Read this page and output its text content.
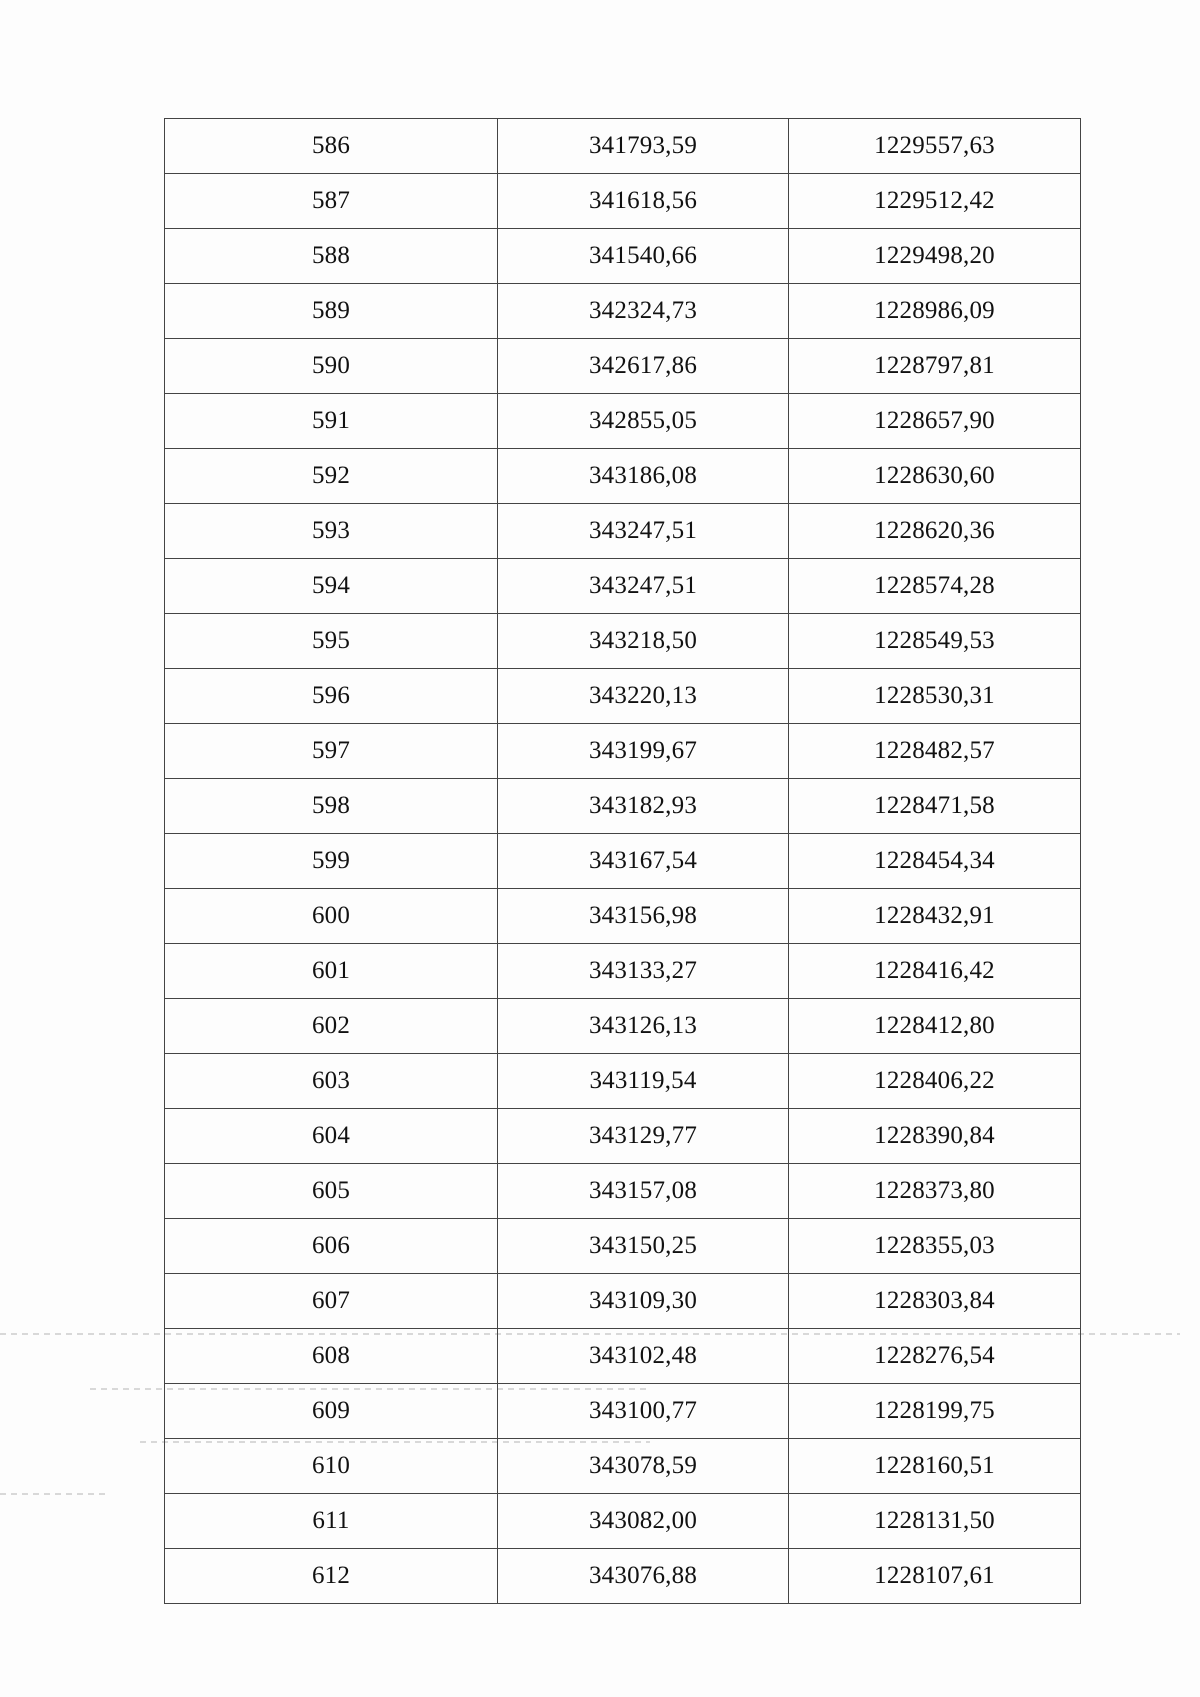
586	341793,59	1229557,63
587	341618,56	1229512,42
588	341540,66	1229498,20
589	342324,73	1228986,09
590	342617,86	1228797,81
591	342855,05	1228657,90
592	343186,08	1228630,60
593	343247,51	1228620,36
594	343247,51	1228574,28
595	343218,50	1228549,53
596	343220,13	1228530,31
597	343199,67	1228482,57
598	343182,93	1228471,58
599	343167,54	1228454,34
600	343156,98	1228432,91
601	343133,27	1228416,42
602	343126,13	1228412,80
603	343119,54	1228406,22
604	343129,77	1228390,84
605	343157,08	1228373,80
606	343150,25	1228355,03
607	343109,30	1228303,84
608	343102,48	1228276,54
609	343100,77	1228199,75
610	343078,59	1228160,51
611	343082,00	1228131,50
612	343076,88	1228107,61
